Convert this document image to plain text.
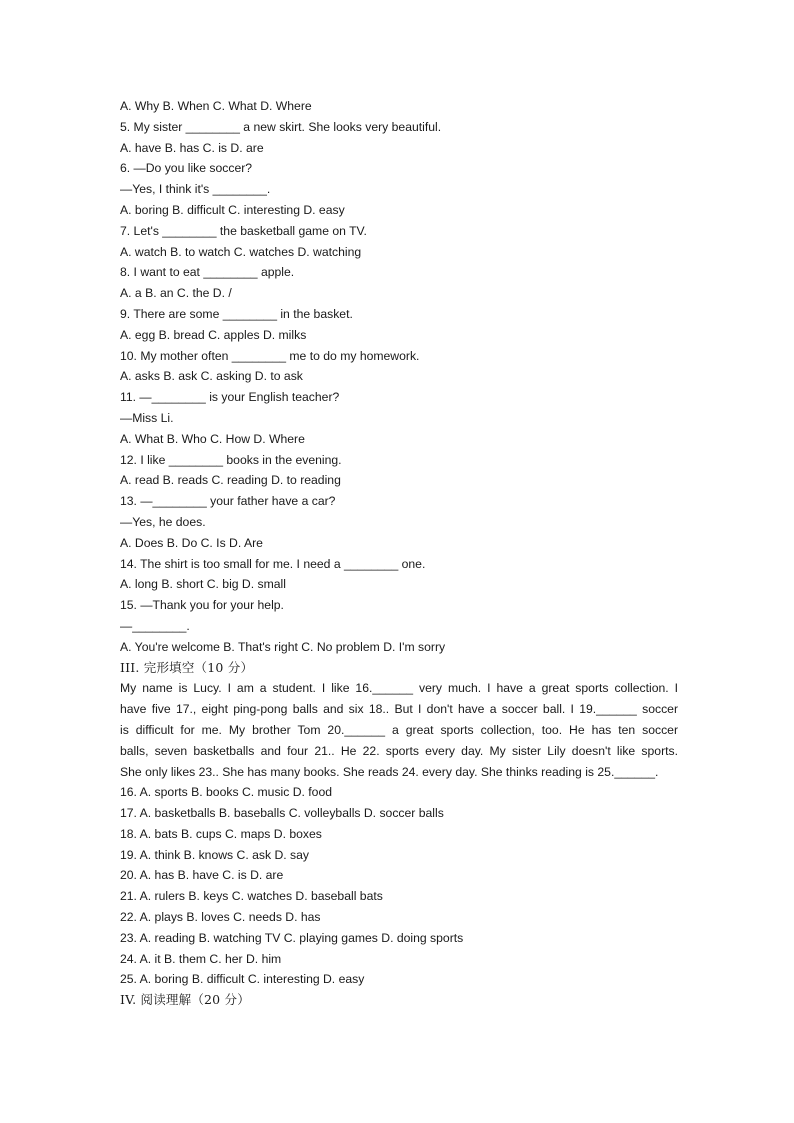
A. Why B. When C. What D. Where
5. My sister ________ a new skirt. She looks very beautiful.
A. have B. has C. is D. are
6. —Do you like soccer?
—Yes, I think it's ________.
A. boring B. difficult C. interesting D. easy
7. Let's ________ the basketball game on TV.
A. watch B. to watch C. watches D. watching
8. I want to eat ________ apple.
A. a B. an C. the D. /
9. There are some ________ in the basket.
A. egg B. bread C. apples D. milks
10. My mother often ________ me to do my homework.
A. asks B. ask C. asking D. to ask
11. —________ is your English teacher?
—Miss Li.
A. What B. Who C. How D. Where
12. I like ________ books in the evening.
A. read B. reads C. reading D. to reading
13. —________ your father have a car?
—Yes, he does.
A. Does B. Do C. Is D. Are
14. The shirt is too small for me. I need a ________ one.
A. long B. short C. big D. small
15. —Thank you for your help.
—________.
A. You're welcome B. That's right C. No problem D. I'm sorry
III. 完形填空（10 分）
My name is Lucy. I am a student. I like 16.______ very much. I have a great sports collection. I
have five 17., eight ping-pong balls and six 18.. But I don't have a soccer ball. I 19.______ soccer
is difficult for me. My brother Tom 20.______ a great sports collection, too. He has ten soccer
balls, seven basketballs and four 21.. He 22. sports every day. My sister Lily doesn't like sports.
She only likes 23.. She has many books. She reads 24. every day. She thinks reading is 25.______.
16. A. sports B. books C. music D. food
17. A. basketballs B. baseballs C. volleyballs D. soccer balls
18. A. bats B. cups C. maps D. boxes
19. A. think B. knows C. ask D. say
20. A. has B. have C. is D. are
21. A. rulers B. keys C. watches D. baseball bats
22. A. plays B. loves C. needs D. has
23. A. reading B. watching TV C. playing games D. doing sports
24. A. it B. them C. her D. him
25. A. boring B. difficult C. interesting D. easy
IV. 阅读理解（20 分）
